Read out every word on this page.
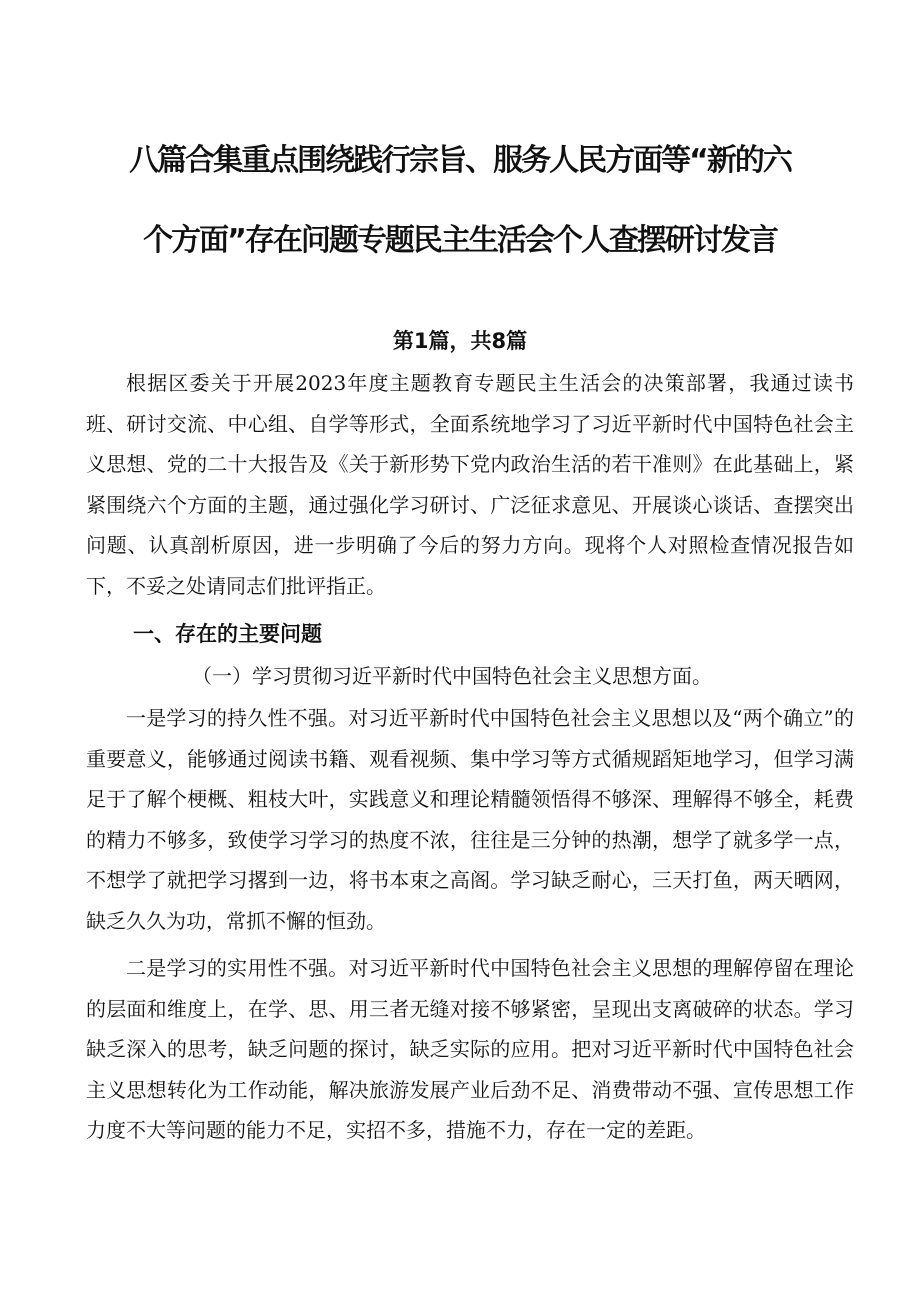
八篇合集重点围绕践行宗旨、服务人民方面等“新的六
个方面”存在问题专题民主生活会个人查摆研讨发言

第1篇，共8篇

根据区委关于开展2023年度主题教育专题民主生活会的决策部署，我通过读书班、研讨交流、中心组、自学等形式，全面系统地学习了习近平新时代中国特色社会主义思想、党的二十大报告及《关于新形势下党内政治生活的若干准则》在此基础上，紧紧围绕六个方面的主题，通过强化学习研讨、广泛征求意见、开展谈心谈话、查摆突出问题、认真剖析原因，进一步明确了今后的努力方向。现将个人对照检查情况报告如下，不妥之处请同志们批评指正。

一、存在的主要问题

（一）学习贯彻习近平新时代中国特色社会主义思想方面。

一是学习的持久性不强。对习近平新时代中国特色社会主义思想以及“两个确立”的重要意义，能够通过阅读书籍、观看视频、集中学习等方式循规蹈矩地学习，但学习满足于了解个梗概、粗枝大叶，实践意义和理论精髓领悟得不够深、理解得不够全，耗费的精力不够多，致使学习学习的热度不浓，往往是三分钟的热潮，想学了就多学一点，不想学了就把学习撂到一边，将书本束之高阁。学习缺乏耐心，三天打鱼，两天晒网，缺乏久久为功，常抓不懈的恒劲。

二是学习的实用性不强。对习近平新时代中国特色社会主义思想的理解停留在理论的层面和维度上，在学、思、用三者无缝对接不够紧密，呈现出支离破碎的状态。学习缺乏深入的思考，缺乏问题的探讨，缺乏实际的应用。把对习近平新时代中国特色社会主义思想转化为工作动能，解决旅游发展产业后劲不足、消费带动不强、宣传思想工作力度不大等问题的能力不足，实招不多，措施不力，存在一定的差距。
